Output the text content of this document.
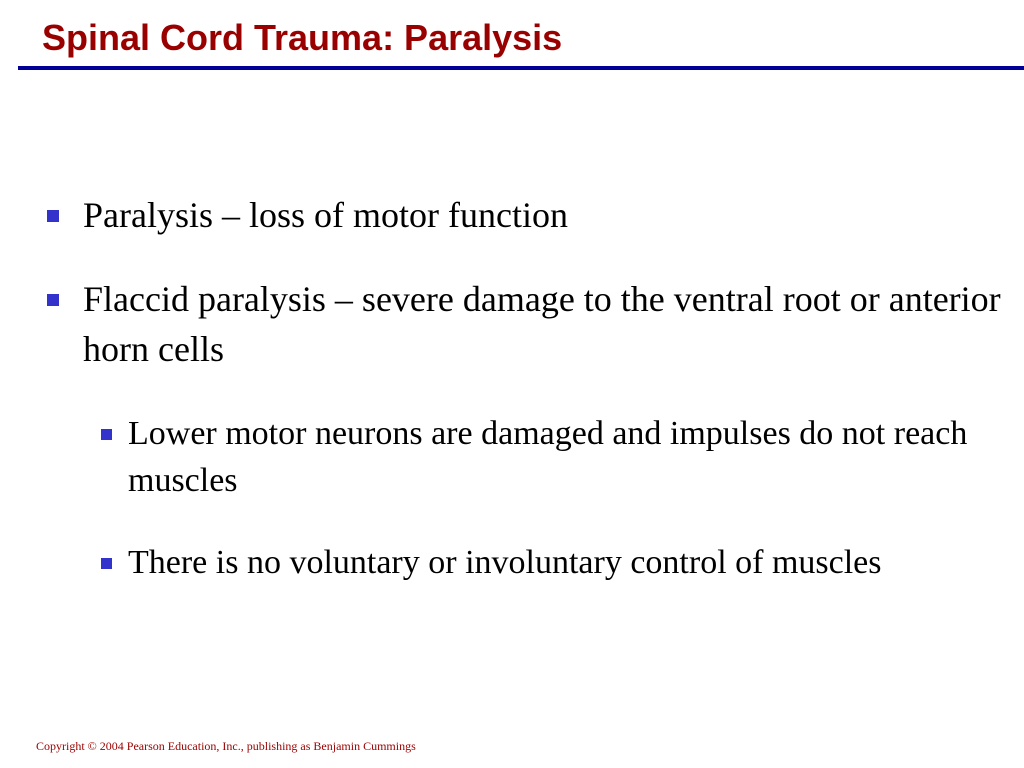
Spinal Cord Trauma: Paralysis
Paralysis – loss of motor function
Flaccid paralysis – severe damage to the ventral root or anterior horn cells
Lower motor neurons are damaged and impulses do not reach muscles
There is no voluntary or involuntary control of muscles
Copyright © 2004 Pearson Education, Inc., publishing as Benjamin Cummings
